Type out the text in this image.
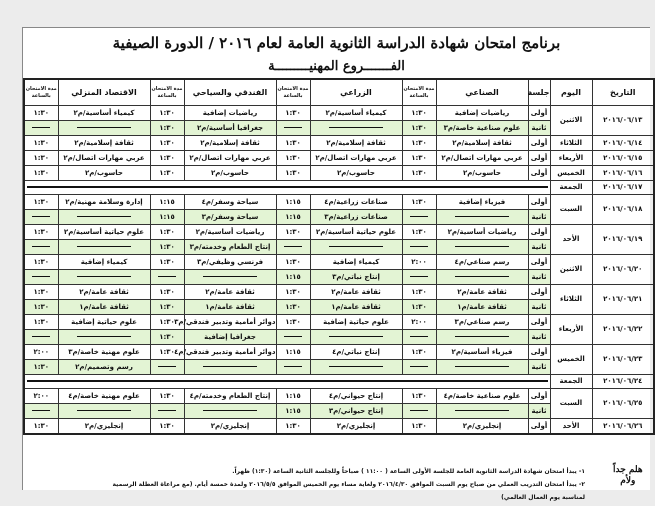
برنامج امتحان شهادة الدراسة الثانوية العامة لعام ٢٠١٦ / الدورة الصيفية
الفـــــــروع المهنيـــــــــة
التاريخ	اليوم	جلسة	الصناعي	مدة الامتحان بالساعة	الزراعي	مدة الامتحان بالساعة	الفندقي والسياحي	مدة الامتحان بالساعة	الاقتصاد المنزلي	مدة الامتحان بالساعة
٢٠١٦/٠٦/١٣	الاثنين	أولى	رياضيات إضافية	١:٣٠	كيمياء أساسية/م٢	١:٣٠	رياضيات إضافية	١:٣٠	كيمياء أساسية/م٢	١:٣٠
		ثانية	علوم صناعية خاصة/م٣	١:٣٠			جغرافيا أساسية/م٢	١:٣٠		
٢٠١٦/٠٦/١٤	الثلاثاء	أولى	ثقافة إسلامية/م٢	١:٣٠	ثقافة إسلامية/م٢	١:٣٠	ثقافة إسلامية/م٢	١:٣٠	ثقافة إسلامية/م٢	١:٣٠
٢٠١٦/٠٦/١٥	الأربعاء	أولى	عربي مهارات اتصال/م٢	١:٣٠	عربي مهارات اتصال/م٢	١:٣٠	عربي مهارات اتصال/م٢	١:٣٠	عربي مهارات اتصال/م٢	١:٣٠
٢٠١٦/٠٦/١٦	الخميس	أولى	حاسوب/م٢	١:٣٠	حاسوب/م٢	١:٣٠	حاسوب/م٢	١:٣٠	حاسوب/م٢	١:٣٠
٢٠١٦/٠٦/١٧	الجمعة									
٢٠١٦/٠٦/١٨	السبت	أولى	فيزياء إضافية	١:٣٠	صناعات زراعية/م٤	١:١٥	سياحة وسفر/م٤	١:١٥	إدارة وسلامة مهنية/م٢	١:٣٠
		ثانية			صناعات زراعية/م٣	١:١٥	سياحة وسفر/م٣	١:١٥		
٢٠١٦/٠٦/١٩	الأحد	أولى	رياضيات أساسية/م٢	١:٣٠	علوم حياتية أساسية/م٢	١:٣٠	رياضيات أساسية/م٢	١:٣٠	علوم حياتية أساسية/م٢	١:٣٠
		ثانية					إنتاج الطعام وخدمته/م٣	١:٣٠		
٢٠١٦/٠٦/٢٠	الاثنين	أولى	رسم صناعي/م٤	٢:٠٠	كيمياء إضافية	١:٣٠	فرنسي وظيفي/م٣	١:٣٠	كيمياء إضافية	١:٣٠
		ثانية			إنتاج نباتي/م٣	١:١٥				
٢٠١٦/٠٦/٢١	الثلاثاء	أولى	ثقافة عامة/م٢	١:٣٠	ثقافة عامة/م٢	١:٣٠	ثقافة عامة/م٢	١:٣٠	ثقافة عامة/م٢	١:٣٠
		ثانية	ثقافة عامة/م١	١:٣٠	ثقافة عامة/م١	١:٣٠	ثقافة عامة/م١	١:٣٠	ثقافة عامة/م١	١:٣٠
٢٠١٦/٠٦/٢٢	الأربعاء	أولى	رسم صناعي/م٣	٢:٠٠	علوم حياتية إضافية	١:٣٠	دوائر أمامية وتدبير فندقي/م٣	١:٣٠	علوم حياتية إضافية	١:٣٠
		ثانية					جغرافيا إضافية	١:٣٠		
٢٠١٦/٠٦/٢٣	الخميس	أولى	فيزياء أساسية/م٢	١:٣٠	إنتاج نباتي/م٤	١:١٥	دوائر أمامية وتدبير فندقي/م٤	١:٣٠	علوم مهنية خاصة/م٣	٢:٠٠
		ثانية							رسم وتصميم/م٢	١:٣٠
٢٠١٦/٠٦/٢٤	الجمعة									
٢٠١٦/٠٦/٢٥	السبت	أولى	علوم صناعية خاصة/م٤	١:٣٠	إنتاج حيواني/م٤	١:١٥	إنتاج الطعام وخدمته/م٤	١:٣٠	علوم مهنية خاصة/م٤	٢:٠٠
		ثانية			إنتاج حيواني/م٣	١:١٥				
٢٠١٦/٠٦/٢٦	الأحد	أولى	إنجليزي/م٢	١:٣٠	إنجليزي/م٢	١:٣٠	إنجليزي/م٢	١:٣٠	إنجليزي/م٢	١:٣٠
١- يبدأ امتحان شهادة الدراسة الثانوية العامة للجلسة الأولى الساعة ( ١١:٠٠ ) صباحاً وللجلسة الثانية الساعة (١:٣٠) ظهراً.
٢- يبدأ امتحان التدريب العملي من صباح يوم السبت الموافق ٢٠١٦/٤/٣٠ ولغاية مساء يوم الخميس الموافق ٢٠١٦/٥/٥ ولمدة خمسة أيام. (مع مراعاة العطلة الرسمية لمناسبة يوم العمال العالمي)
هلم جداً
ولأم
